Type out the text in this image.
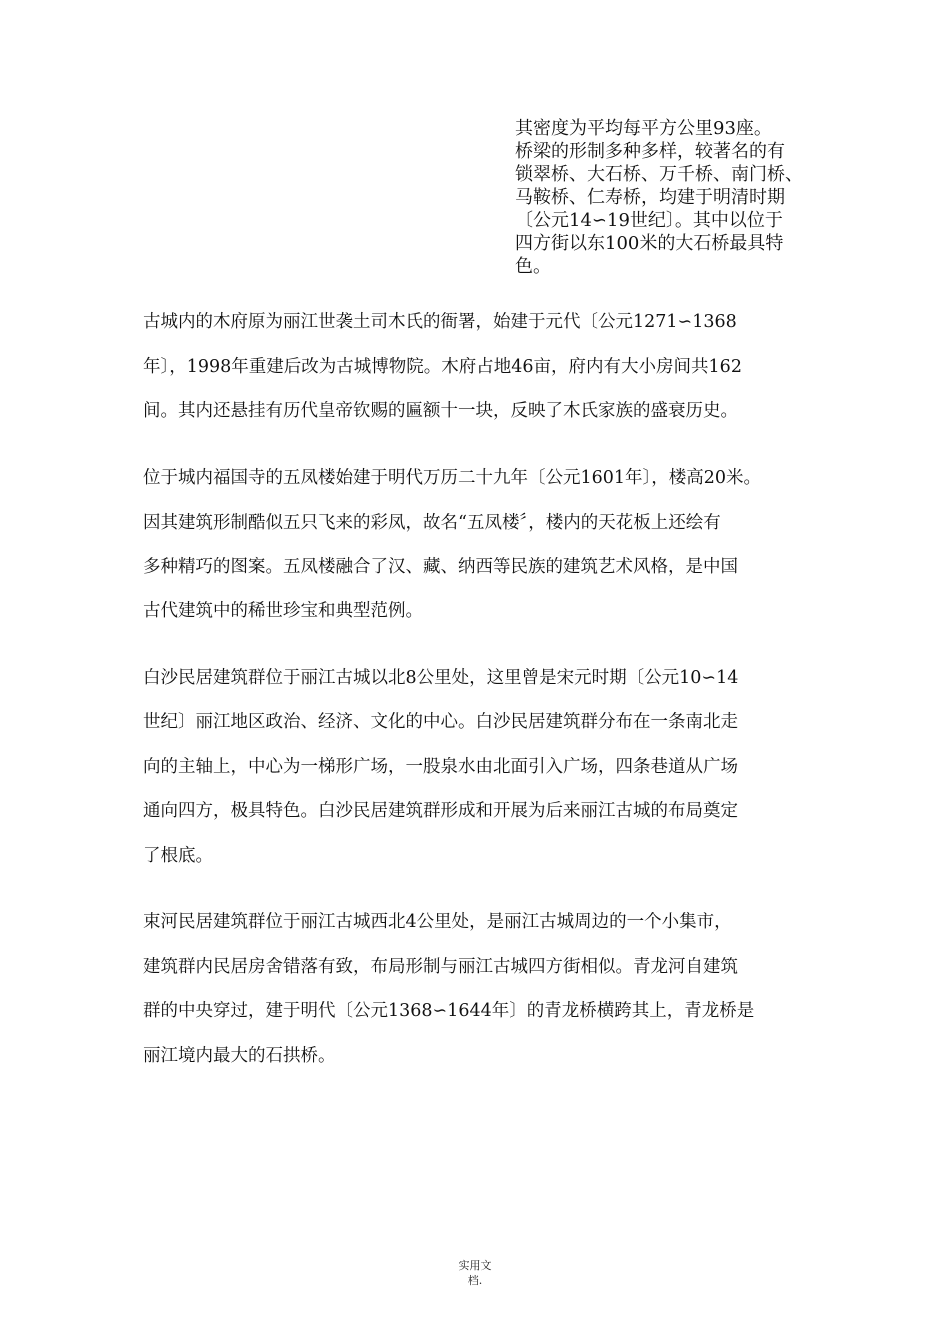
其密度为平均每平方公里93座。

桥梁的形制多种多样，较著名的有

锁翠桥、大石桥、万千桥、南门桥、

马鞍桥、仁寿桥，均建于明清时期

〔公元14∽19世纪〕。其中以位于

四方街以东100米的大石桥最具特

色。

古城内的木府原为丽江世袭土司木氏的衙署，始建于元代〔公元1271∽1368

年〕，1998年重建后改为古城博物院。木府占地46亩，府内有大小房间共162

间。其内还悬挂有历代皇帝钦赐的匾额十一块，反映了木氏家族的盛衰历史。

位于城内福国寺的五凤楼始建于明代万历二十九年〔公元1601年〕，楼高20米。

因其建筑形制酷似五只飞来的彩凤，故名“五凤楼〞，楼内的天花板上还绘有

多种精巧的图案。五凤楼融合了汉、藏、纳西等民族的建筑艺术风格，是中国

古代建筑中的稀世珍宝和典型范例。

白沙民居建筑群位于丽江古城以北8公里处，这里曾是宋元时期〔公元10∽14

世纪〕丽江地区政治、经济、文化的中心。白沙民居建筑群分布在一条南北走

向的主轴上，中心为一梯形广场，一股泉水由北面引入广场，四条巷道从广场

通向四方，极具特色。白沙民居建筑群形成和开展为后来丽江古城的布局奠定

了根底。

束河民居建筑群位于丽江古城西北4公里处，是丽江古城周边的一个小集市，

建筑群内民居房舍错落有致，布局形制与丽江古城四方街相似。青龙河自建筑

群的中央穿过，建于明代〔公元1368∽1644年〕的青龙桥横跨其上，青龙桥是

丽江境内最大的石拱桥。

实用文
档.
